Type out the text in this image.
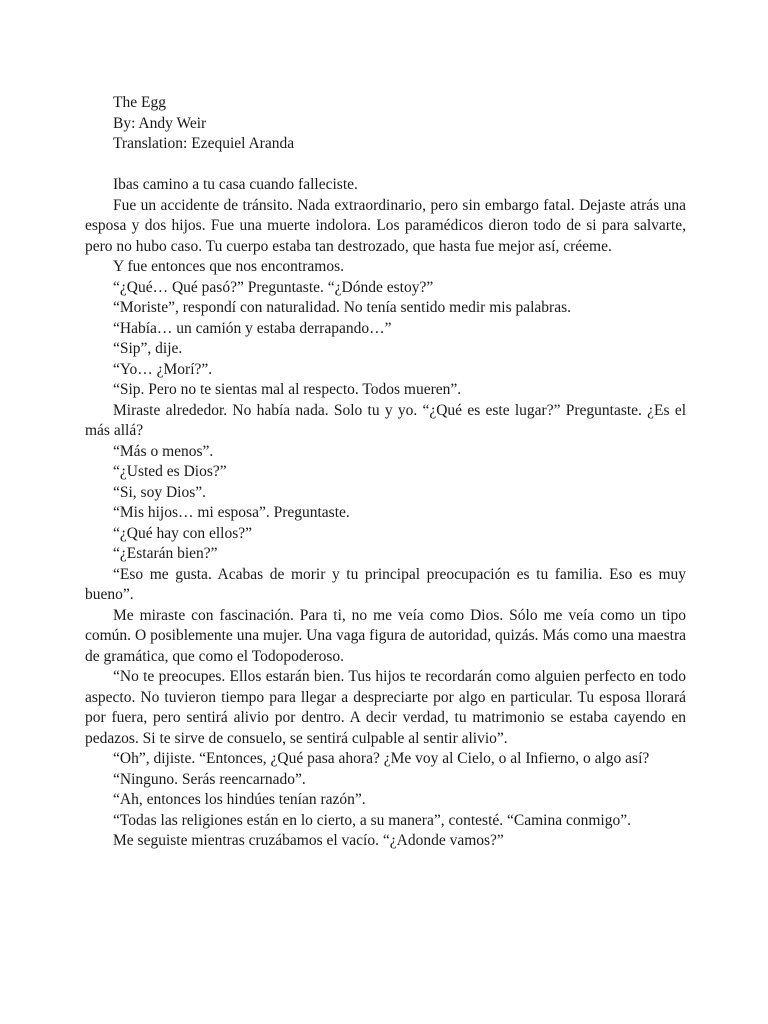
The Egg

By: Andy Weir

Translation: Ezequiel Aranda

Ibas camino a tu casa cuando falleciste.

Fue un accidente de tránsito. Nada extraordinario, pero sin embargo fatal. Dejaste atrás una esposa y dos hijos. Fue una muerte indolora. Los paramédicos dieron todo de si para salvarte, pero no hubo caso. Tu cuerpo estaba tan destrozado, que hasta fue mejor así, créeme.

Y fue entonces que nos encontramos.

“¿Qué… Qué pasó?” Preguntaste. “¿Dónde estoy?”

“Moriste”, respondí con naturalidad. No tenía sentido medir mis palabras.

“Había… un camión y estaba derrapando…”

“Sip”, dije.

“Yo… ¿Morí?”.

“Sip. Pero no te sientas mal al respecto. Todos mueren”.

Miraste alrededor. No había nada. Solo tu y yo. “¿Qué es este lugar?” Preguntaste. ¿Es el más allá?

“Más o menos”.

“¿Usted es Dios?”

“Si, soy Dios”.

“Mis hijos… mi esposa”. Preguntaste.

“¿Qué hay con ellos?”

“¿Estarán bien?”

“Eso me gusta. Acabas de morir y tu principal preocupación es tu familia. Eso es muy bueno”.

Me miraste con fascinación. Para ti, no me veía como Dios. Sólo me veía como un tipo común. O posiblemente una mujer. Una vaga figura de autoridad, quizás. Más como una maestra de gramática, que como el Todopoderoso.

“No te preocupes. Ellos estarán bien. Tus hijos te recordarán como alguien perfecto en todo aspecto. No tuvieron tiempo para llegar a despreciarte por algo en particular. Tu esposa llorará por fuera, pero sentirá alivio por dentro. A decir verdad, tu matrimonio se estaba cayendo en pedazos. Si te sirve de consuelo, se sentirá culpable al sentir alivio”.

“Oh”, dijiste. “Entonces, ¿Qué pasa ahora? ¿Me voy al Cielo, o al Infierno, o algo así?

“Ninguno. Serás reencarnado”.

“Ah, entonces los hindúes tenían razón”.

“Todas las religiones están en lo cierto, a su manera”, contesté. “Camina conmigo”.

Me seguiste mientras cruzábamos el vacío. “¿Adonde vamos?”
